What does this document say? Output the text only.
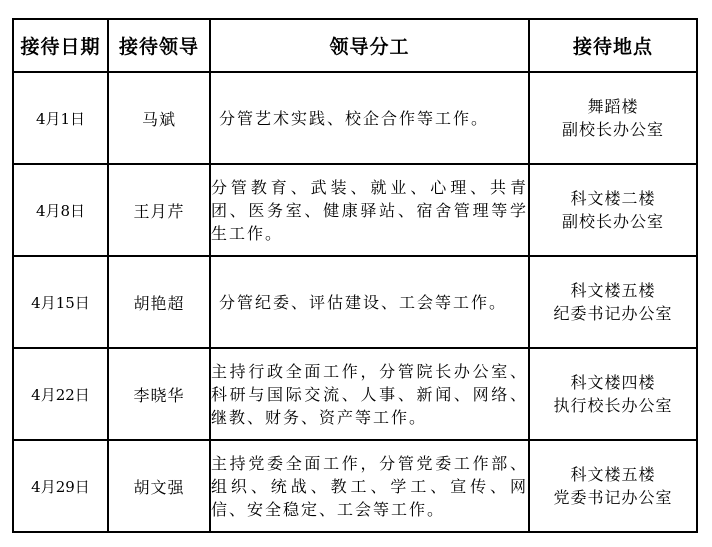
接待日期	接待领导	领导分工	接待地点
4月1日	马斌	分管艺术实践、校企合作等工作。	舞蹈楼
副校长办公室

4月8日	王月芹	分管教育、武装、就业、心理、共青团、医务室、健康驿站、宿舍管理等学生工作。	科文楼二楼
副校长办公室

4月15日	胡艳超	分管纪委、评估建设、工会等工作。	科文楼五楼
纪委书记办公室

4月22日	李晓华	主持行政全面工作，分管院长办公室、科研与国际交流、人事、新闻、网络、继教、财务、资产等工作。	科文楼四楼
执行校长办公室

4月29日	胡文强	主持党委全面工作，分管党委工作部、组织、统战、教工、学工、宣传、网信、安全稳定、工会等工作。	科文楼五楼
党委书记办公室
